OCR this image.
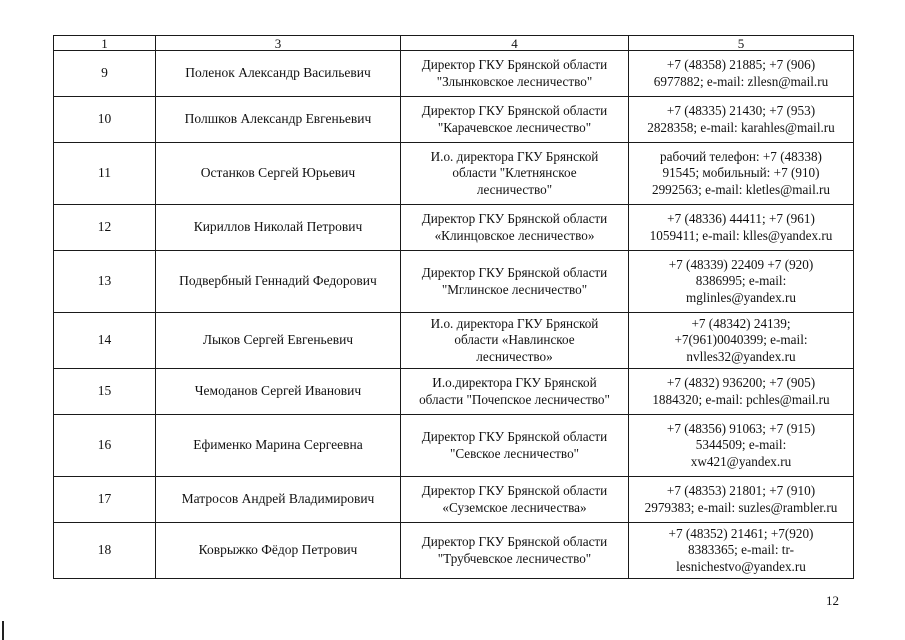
1	3	4	5
9	Поленок Александр Васильевич	Директор ГКУ Брянской области
"Злынковское лесничество"	+7 (48358) 21885; +7 (906)
6977882; e-mail: zllesn@mail.ru

10	Полшков Александр Евгеньевич	Директор ГКУ Брянской области
"Карачевское лесничество"	+7 (48335) 21430; +7 (953)
2828358; e-mail: karahles@mail.ru

11	Останков Сергей Юрьевич	И.о. директора ГКУ Брянской
области "Клетнянское
лесничество"	рабочий телефон: +7 (48338)
91545; мобильный: +7 (910)
2992563; e-mail: kletles@mail.ru

12	Кириллов Николай Петрович	Директор ГКУ Брянской области
«Клинцовское лесничество»	+7 (48336) 44411; +7 (961)
1059411; e-mail: klles@yandex.ru

13	Подвербный Геннадий Федорович	Директор ГКУ Брянской области
"Мглинское лесничество"	+7 (48339) 22409 +7 (920)
8386995; e-mail:
mglinles@yandex.ru

14	Лыков Сергей Евгеньевич	И.о. директора ГКУ Брянской
области «Навлинское
лесничество»	+7 (48342) 24139;
+7(961)0040399; e-mail:
nvlles32@yandex.ru

15	Чемоданов Сергей Иванович	И.о.директора ГКУ Брянской
области "Почепское лесничество"	+7 (4832) 936200; +7 (905)
1884320; e-mail: pchles@mail.ru

16	Ефименко Марина Сергеевна	Директор ГКУ Брянской области
"Севское лесничество"	+7 (48356) 91063; +7 (915)
5344509; e-mail:
xw421@yandex.ru

17	Матросов Андрей Владимирович	Директор ГКУ Брянской области
«Суземское лесничества»	+7 (48353) 21801; +7 (910)
2979383; e-mail: suzles@rambler.ru

18	Коврыжко Фёдор Петрович	Директор ГКУ Брянской области
"Трубчевское лесничество"	+7 (48352) 21461; +7(920)
8383365; e-mail: tr-
lesnichestvo@yandex.ru
12
